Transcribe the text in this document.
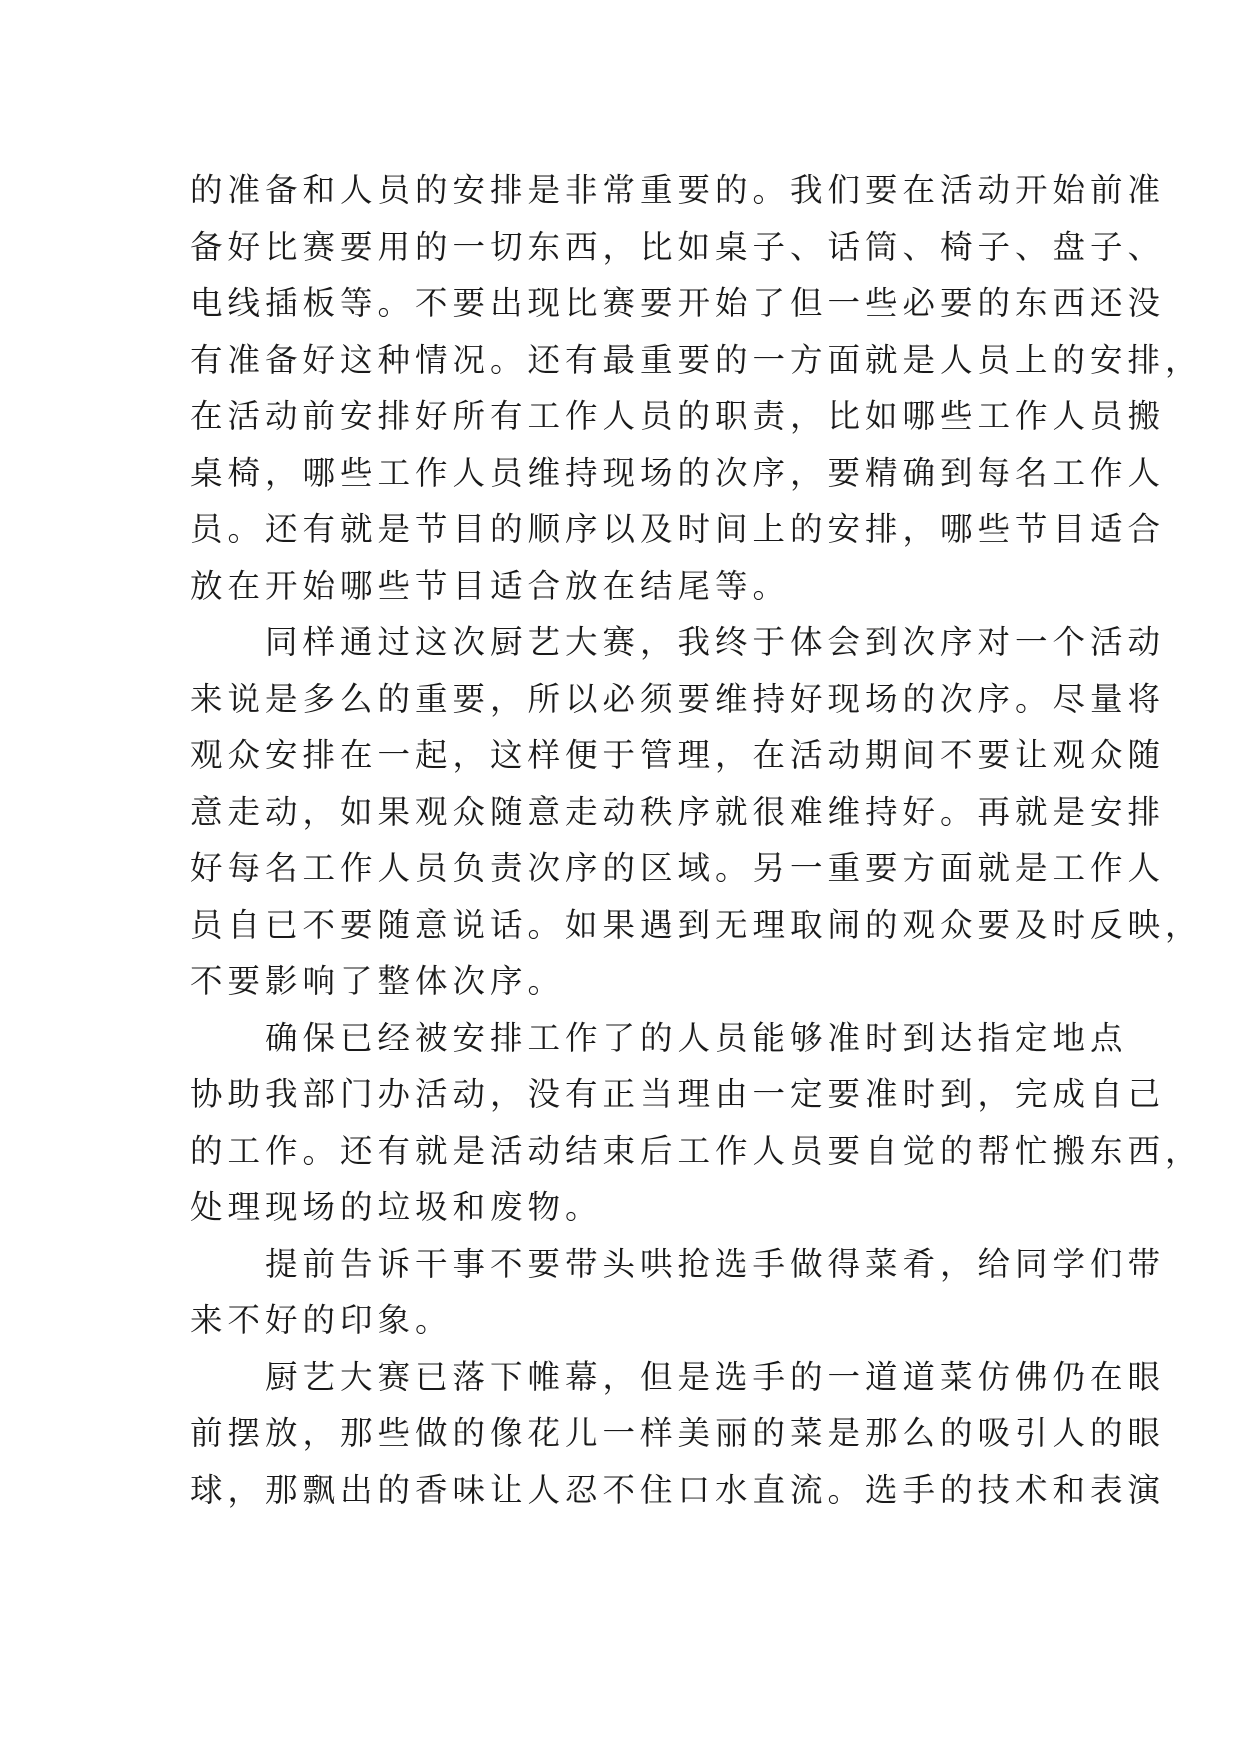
的准备和人员的安排是非常重要的。我们要在活动开始前准
备好比赛要用的一切东西，比如桌子、话筒、椅子、盘子、
电线插板等。不要出现比赛要开始了但一些必要的东西还没
有准备好这种情况。还有最重要的一方面就是人员上的安排，
在活动前安排好所有工作人员的职责，比如哪些工作人员搬
桌椅，哪些工作人员维持现场的次序，要精确到每名工作人
员。还有就是节目的顺序以及时间上的安排，哪些节目适合
放在开始哪些节目适合放在结尾等。
　　同样通过这次厨艺大赛，我终于体会到次序对一个活动
来说是多么的重要，所以必须要维持好现场的次序。尽量将
观众安排在一起，这样便于管理，在活动期间不要让观众随
意走动，如果观众随意走动秩序就很难维持好。再就是安排
好每名工作人员负责次序的区域。另一重要方面就是工作人
员自已不要随意说话。如果遇到无理取闹的观众要及时反映，
不要影响了整体次序。
　　确保已经被安排工作了的人员能够准时到达指定地点
协助我部门办活动，没有正当理由一定要准时到，完成自己
的工作。还有就是活动结束后工作人员要自觉的帮忙搬东西，
处理现场的垃圾和废物。
　　提前告诉干事不要带头哄抢选手做得菜肴，给同学们带
来不好的印象。
　　厨艺大赛已落下帷幕，但是选手的一道道菜仿佛仍在眼
前摆放，那些做的像花儿一样美丽的菜是那么的吸引人的眼
球，那飘出的香味让人忍不住口水直流。选手的技术和表演
